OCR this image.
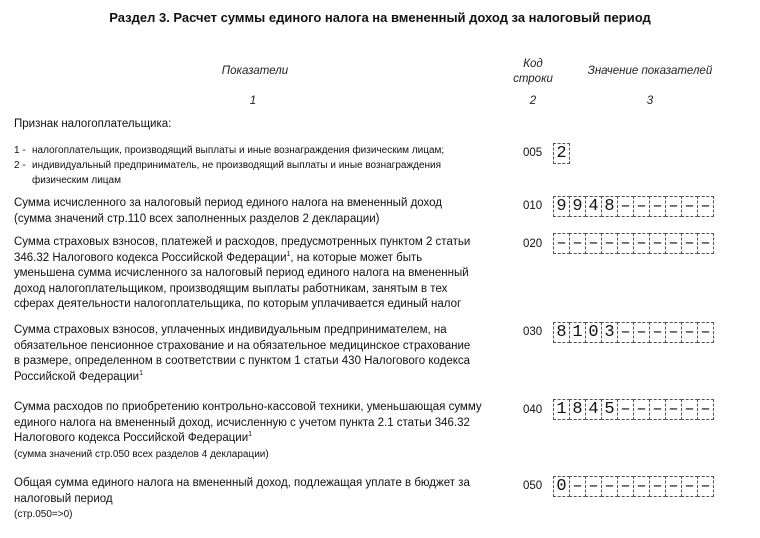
Раздел 3. Расчет суммы единого налога на вмененный доход за налоговый период
Показатели
Код
строки
Значение показателей
1	2	3
Признак налогоплательщика:
1 - налогоплательщик, производящий выплаты и иные вознаграждения физическим лицам;
2 - индивидуальный предприниматель, не производящий выплаты и иные вознаграждения
физическим лицам
005 2
Сумма исчисленного за налоговый период единого налога на вмененный доход
(сумма значений стр.110 всех заполненных разделов 2 декларации)
010 9 9 4 8 – – – – – –
Сумма страховых взносов, платежей и расходов, предусмотренных пунктом 2 статьи
346.32 Налогового кодекса Российской Федерации$^1$, на которые может быть
уменьшена сумма исчисленного за налоговый период единого налога на вмененный
доход налогоплательщиком, производящим выплаты работникам, занятым в тех
сферах деятельности налогоплательщика, по которым уплачивается единый налог
020 – – – – – – – – – –
Сумма страховых взносов, уплаченных индивидуальным предпринимателем, на
обязательное пенсионное страхование и на обязательное медицинское страхование
в размере, определенном в соответствии с пунктом 1 статьи 430 Налогового кодекса
Российской Федерации$^1$
030 8 1 0 3 – – – – – –
Сумма расходов по приобретению контрольно-кассовой техники, уменьшающая сумму
единого налога на вмененный доход, исчисленную с учетом пункта 2.1 статьи 346.32
Налогового кодекса Российской Федерации$^1$
(сумма значений стр.050 всех разделов 4 декларации)
040 1 8 4 5 – – – – – –
Общая сумма единого налога на вмененный доход, подлежащая уплате в бюджет за
налоговый период
(стр.050=>0)
050 0 – – – – – – – – –
